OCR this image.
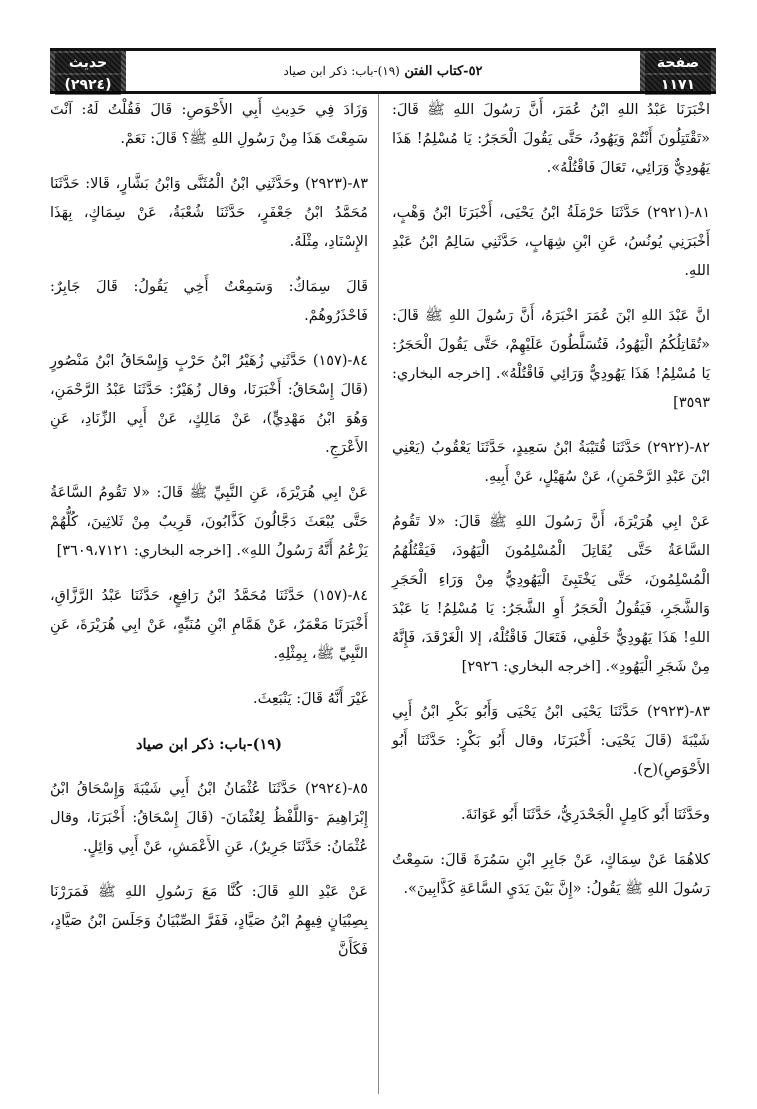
صفحة
١١٧١
٥٢-كتاب الفتن (١٩)-باب: ذكر ابن صياد
حديث
(٢٩٢٤)

اخْبَرَنَا عَبْدُ اللهِ ابْنُ عُمَرَ، أَنَّ رَسُولَ اللهِ ﷺ قَالَ: «تَقْتَتِلُونَ أَنْتُمْ وَيَهُودُ، حَتَّى يَقُولَ الْحَجَرُ: يَا مُسْلِمُ! هَذَا يَهُودِيٌّ وَرَائِي، تَعَالَ فَاقْتُلْهُ».

٨١-(٢٩٢١) حَدَّثَنَا حَرْمَلَةُ ابْنُ يَحْيَى، أَخْبَرَنَا ابْنُ وَهْبٍ، أَخْبَرَنِي يُونُسُ، عَنِ ابْنِ شِهَابٍ، حَدَّثَنِي سَالِمُ ابْنُ عَبْدِ اللهِ.

انَّ عَبْدَ اللهِ ابْنَ عُمَرَ اخْبَرَهُ، أَنَّ رَسُولَ اللهِ ﷺ قَالَ: «تُقَاتِلُكُمُ الْيَهُودُ، فَتُسَلَّطُونَ عَلَيْهِمْ، حَتَّى يَقُولَ الْحَجَرُ: يَا مُسْلِمُ! هَذَا يَهُودِيٌّ وَرَائِي فَاقْتُلْهُ». [اخرجه البخاري: ٣٥٩٣]

٨٢-(٢٩٢٢) حَدَّثَنَا قُتَيْبَةُ ابْنُ سَعِيدٍ، حَدَّثَنَا يَعْقُوبُ (يَعْنِي ابْنَ عَبْدِ الرَّحْمَنِ)، عَنْ سُهَيْلٍ، عَنْ أَبِيهِ.

عَنْ ابِي هُرَيْرَةَ، أَنَّ رَسُولَ اللهِ ﷺ قَالَ: «لا تَقُومُ السَّاعَةُ حَتَّى يُقَاتِلَ الْمُسْلِمُونَ الْيَهُودَ، فَيَقْتُلُهُمُ الْمُسْلِمُونَ، حَتَّى يَخْتَبِئَ الْيَهُودِيُّ مِنْ وَرَاءِ الْحَجَرِ وَالشَّجَرِ، فَيَقُولُ الْحَجَرُ أَوِ الشَّجَرُ: يَا مُسْلِمُ! يَا عَبْدَ اللهِ! هَذَا يَهُودِيٌّ خَلْفِي، فَتَعَالَ فَاقْتُلْهُ، إلا الْغَرْقَدَ، فَإِنَّهُ مِنْ شَجَرِ الْيَهُودِ». [اخرجه البخاري: ٢٩٢٦]

٨٣-(٢٩٢٣) حَدَّثَنَا يَحْيَى ابْنُ يَحْيَى وَأَبُو بَكْرِ ابْنُ أَبِي شَيْبَةَ (قَالَ يَحْيَى: أَخْبَرَنَا، وقال أَبُو بَكْرٍ: حَدَّثَنَا أَبُو الأَحْوَصِ)(ح).

وحَدَّثَنَا أَبُو كَامِلٍ الْجَحْدَرِيُّ، حَدَّثَنَا أَبُو عَوَانَةَ.

كلاهُمَا عَنْ سِمَاكٍ، عَنْ جَابِرِ ابْنِ سَمُرَةَ قَالَ: سَمِعْتُ رَسُولَ اللهِ ﷺ يَقُولُ: «إِنَّ بَيْنَ يَدَيِ السَّاعَةِ كَذَّابِينَ».

وَزَادَ فِي حَدِيثِ أَبِي الأَحْوَصِ: قَالَ فَقُلْتُ لَهُ: آنْتَ سَمِعْتَ هَذَا مِنْ رَسُولِ اللهِ ﷺ؟ قَالَ: نَعَمْ.

٨٣-(٢٩٢٣) وحَدَّثَنِي ابْنُ الْمُثَنَّى وَابْنُ بَشَّارٍ، قَالا: حَدَّثَنَا مُحَمَّدُ ابْنُ جَعْفَرٍ، حَدَّثَنَا شُعْبَةُ، عَنْ سِمَاكٍ، بِهَذَا الإِسْنَادِ، مِثْلَهُ.

قَالَ سِمَاكٌ: وَسَمِعْتُ أَخِي يَقُولُ: قَالَ جَابِرٌ: فَاحْذَرُوهُمْ.

٨٤-(١٥٧) حَدَّثَنِي زُهَيْرُ ابْنُ حَرْبٍ وَإِسْحَاقُ ابْنُ مَنْصُورٍ (قَالَ إِسْحَاقُ: أَخْبَرَنَا، وقال زُهَيْرٌ: حَدَّثَنَا عَبْدُ الرَّحْمَنِ، وَهُوَ ابْنُ مَهْدِيٍّ)، عَنْ مَالِكٍ، عَنْ أَبِي الزِّنَادِ، عَنِ الأَعْرَجِ.

عَنْ ابِي هُرَيْرَةَ، عَنِ النَّبِيِّ ﷺ قَالَ: «لا تَقُومُ السَّاعَةُ حَتَّى يُبْعَثَ دَجَّالُونَ كَذَّابُونَ، قَرِيبٌ مِنْ ثَلاثِينَ، كُلُّهُمْ يَزْعُمُ أَنَّهُ رَسُولُ اللهِ». [اخرجه البخاري: ٣٦٠٩،٧١٢١]

٨٤-(١٥٧) حَدَّثَنَا مُحَمَّدُ ابْنُ رَافِعٍ، حَدَّثَنَا عَبْدُ الرَّزَّاقِ، أَخْبَرَنَا مَعْمَرٌ، عَنْ هَمَّامِ ابْنِ مُنَبِّهٍ، عَنْ ابِي هُرَيْرَةَ، عَنِ النَّبِيِّ ﷺ، بِمِثْلِهِ.

غَيْرَ أَنَّهُ قَالَ: يَنْبَعِثَ.

(١٩)-باب: ذكر ابن صياد

٨٥-(٢٩٢٤) حَدَّثَنَا عُثْمَانُ ابْنُ أَبِي شَيْبَةَ وَإِسْحَاقُ ابْنُ إِبْرَاهِيمَ -وَاللَّفْظُ لِعُثْمَانَ- (قَالَ إِسْحَاقُ: أَخْبَرَنَا، وقال عُثْمَانُ: حَدَّثَنَا جَرِيرٌ)، عَنِ الأَعْمَشِ، عَنْ أَبِي وَائِلٍ.

عَنْ عَبْدِ اللهِ قَالَ: كُنَّا مَعَ رَسُولِ اللهِ ﷺ فَمَرَرْنَا بِصِبْيَانٍ فِيهِمُ ابْنُ صَيَّادٍ، فَفَرَّ الصِّبْيَانُ وَجَلَسَ ابْنُ صَيَّادٍ، فَكَأَنَّ
